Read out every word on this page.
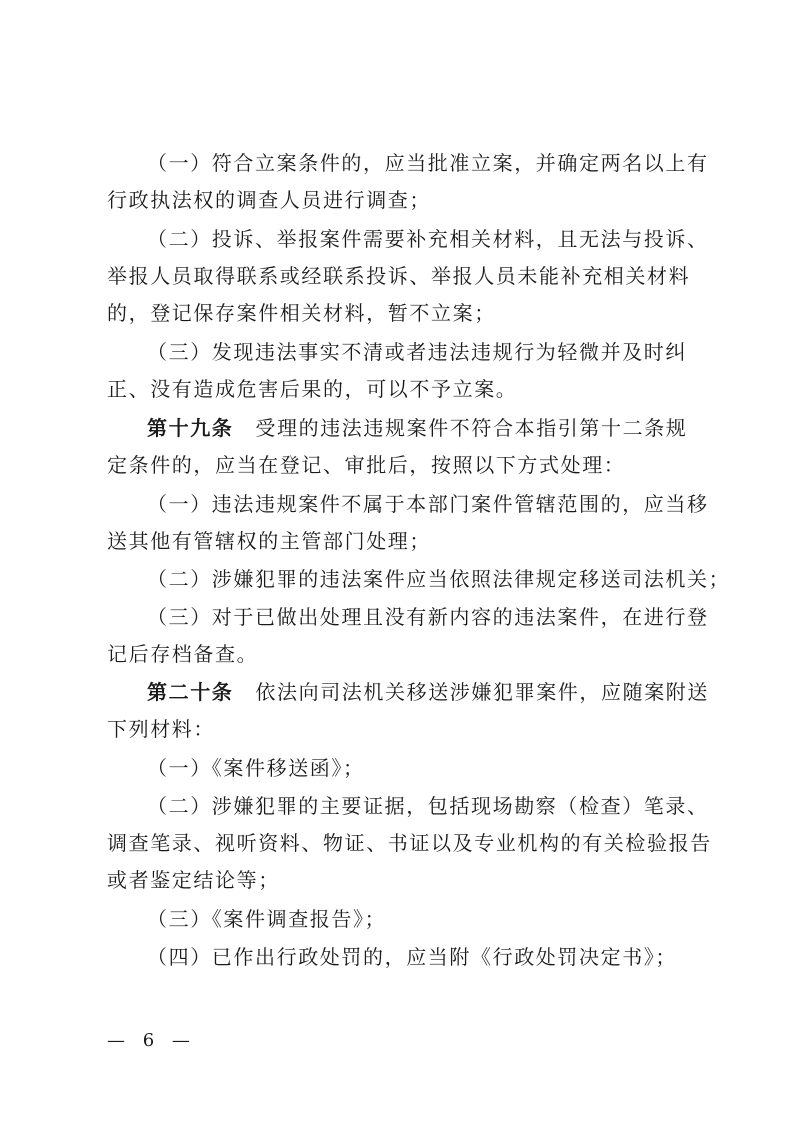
（一）符合立案条件的，应当批准立案，并确定两名以上有
行政执法权的调查人员进行调查；
（二）投诉、举报案件需要补充相关材料，且无法与投诉、
举报人员取得联系或经联系投诉、举报人员未能补充相关材料
的，登记保存案件相关材料，暂不立案；
（三）发现违法事实不清或者违法违规行为轻微并及时纠
正、没有造成危害后果的，可以不予立案。
第十九条 受理的违法违规案件不符合本指引第十二条规
定条件的，应当在登记、审批后，按照以下方式处理：
（一）违法违规案件不属于本部门案件管辖范围的，应当移
送其他有管辖权的主管部门处理；
（二）涉嫌犯罪的违法案件应当依照法律规定移送司法机关；
（三）对于已做出处理且没有新内容的违法案件，在进行登
记后存档备查。
第二十条 依法向司法机关移送涉嫌犯罪案件，应随案附送
下列材料：
（一）《案件移送函》；
（二）涉嫌犯罪的主要证据，包括现场勘察（检查）笔录、
调查笔录、视听资料、物证、书证以及专业机构的有关检验报告
或者鉴定结论等；
（三）《案件调查报告》；
（四）已作出行政处罚的，应当附《行政处罚决定书》；
— 6 —
